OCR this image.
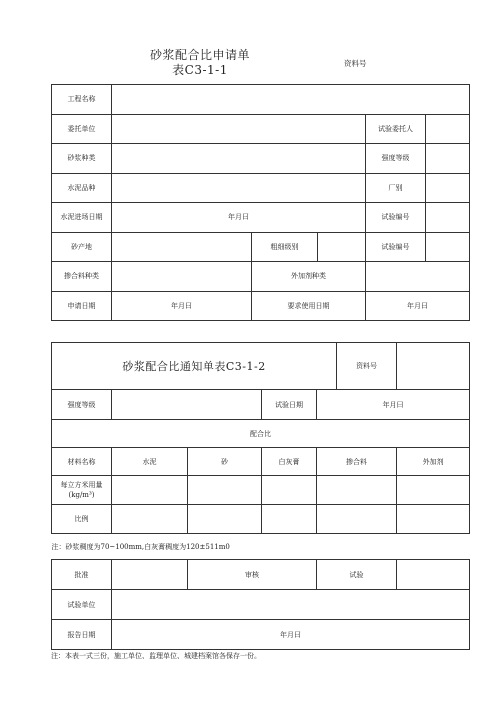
砂浆配合比申请单
表C3-1-1	资料号
工程名称					
委托单位				试验委托人	
砂浆种类				强度等级	
水泥品种				厂别	
水泥进场日期	年月曰			试验编号	
砂产地		粗细级别		试验编号	
掺合料种类		外加剂种类			
申请日期	年月曰	要求使用日期		年月曰	
砂浆配合比通知单表C3-1-2					资料号	
强度等级			试验日期	年月曰		
配合比						
材料名称	水泥	砂	白灰膏	掺合料		外加剂
每立方米用量
(kg/m³)						
比例						
注：砂浆稠度为70~100mm,白灰膏稠度为120±511m0						
批准		审核		试验		
试验单位						
报告日期	年月曰					
注：本表一式三份，施工单位、监理单位、城建档案馆各保存一份。
